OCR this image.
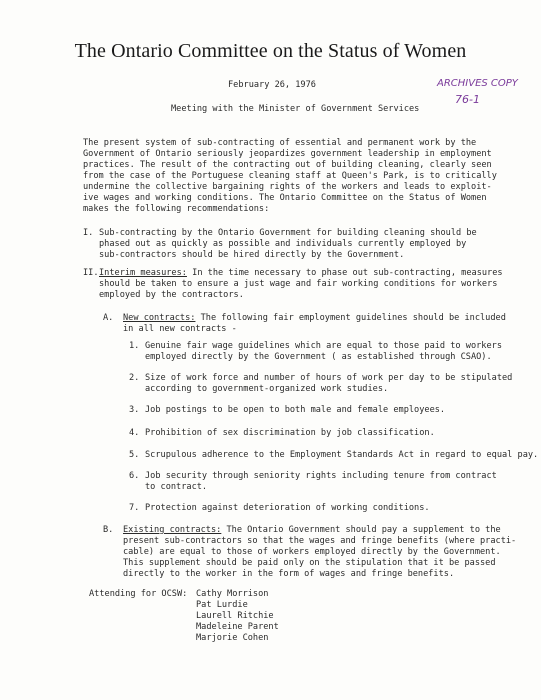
The Ontario Committee on the Status of Women
ARCHIVES COPY
76-1
February 26, 1976
Meeting with the Minister of Government Services
The present system of sub-contracting of essential and permanent work by the
Government of Ontario seriously jeopardizes government leadership in employment
practices. The result of the contracting out of building cleaning, clearly seen
from the case of the Portuguese cleaning staff at Queen's Park, is to critically
undermine the collective bargaining rights of the workers and leads to exploit-
ive wages and working conditions. The Ontario Committee on the Status of Women
makes the following recommendations:
I. Sub-contracting by the Ontario Government for building cleaning should be
phased out as quickly as possible and individuals currently employed by
sub-contractors should be hired directly by the Government.
II. Interim measures: In the time necessary to phase out sub-contracting, measures
should be taken to ensure a just wage and fair working conditions for workers
employed by the contractors.
A. New contracts: The following fair employment guidelines should be included
in all new contracts -
1. Genuine fair wage guidelines which are equal to those paid to workers
employed directly by the Government ( as established through CSAO).
2. Size of work force and number of hours of work per day to be stipulated
according to government-organized work studies.
3. Job postings to be open to both male and female employees.
4. Prohibition of sex discrimination by job classification.
5. Scrupulous adherence to the Employment Standards Act in regard to equal pay.
6. Job security through seniority rights including tenure from contract
to contract.
7. Protection against deterioration of working conditions.
B. Existing contracts: The Ontario Government should pay a supplement to the
present sub-contractors so that the wages and fringe benefits (where practi-
cable) are equal to those of workers employed directly by the Government.
This supplement should be paid only on the stipulation that it be passed
directly to the worker in the form of wages and fringe benefits.
Attending for OCSW: Cathy Morrison
Pat Lurdie
Laurell Ritchie
Madeleine Parent
Marjorie Cohen
